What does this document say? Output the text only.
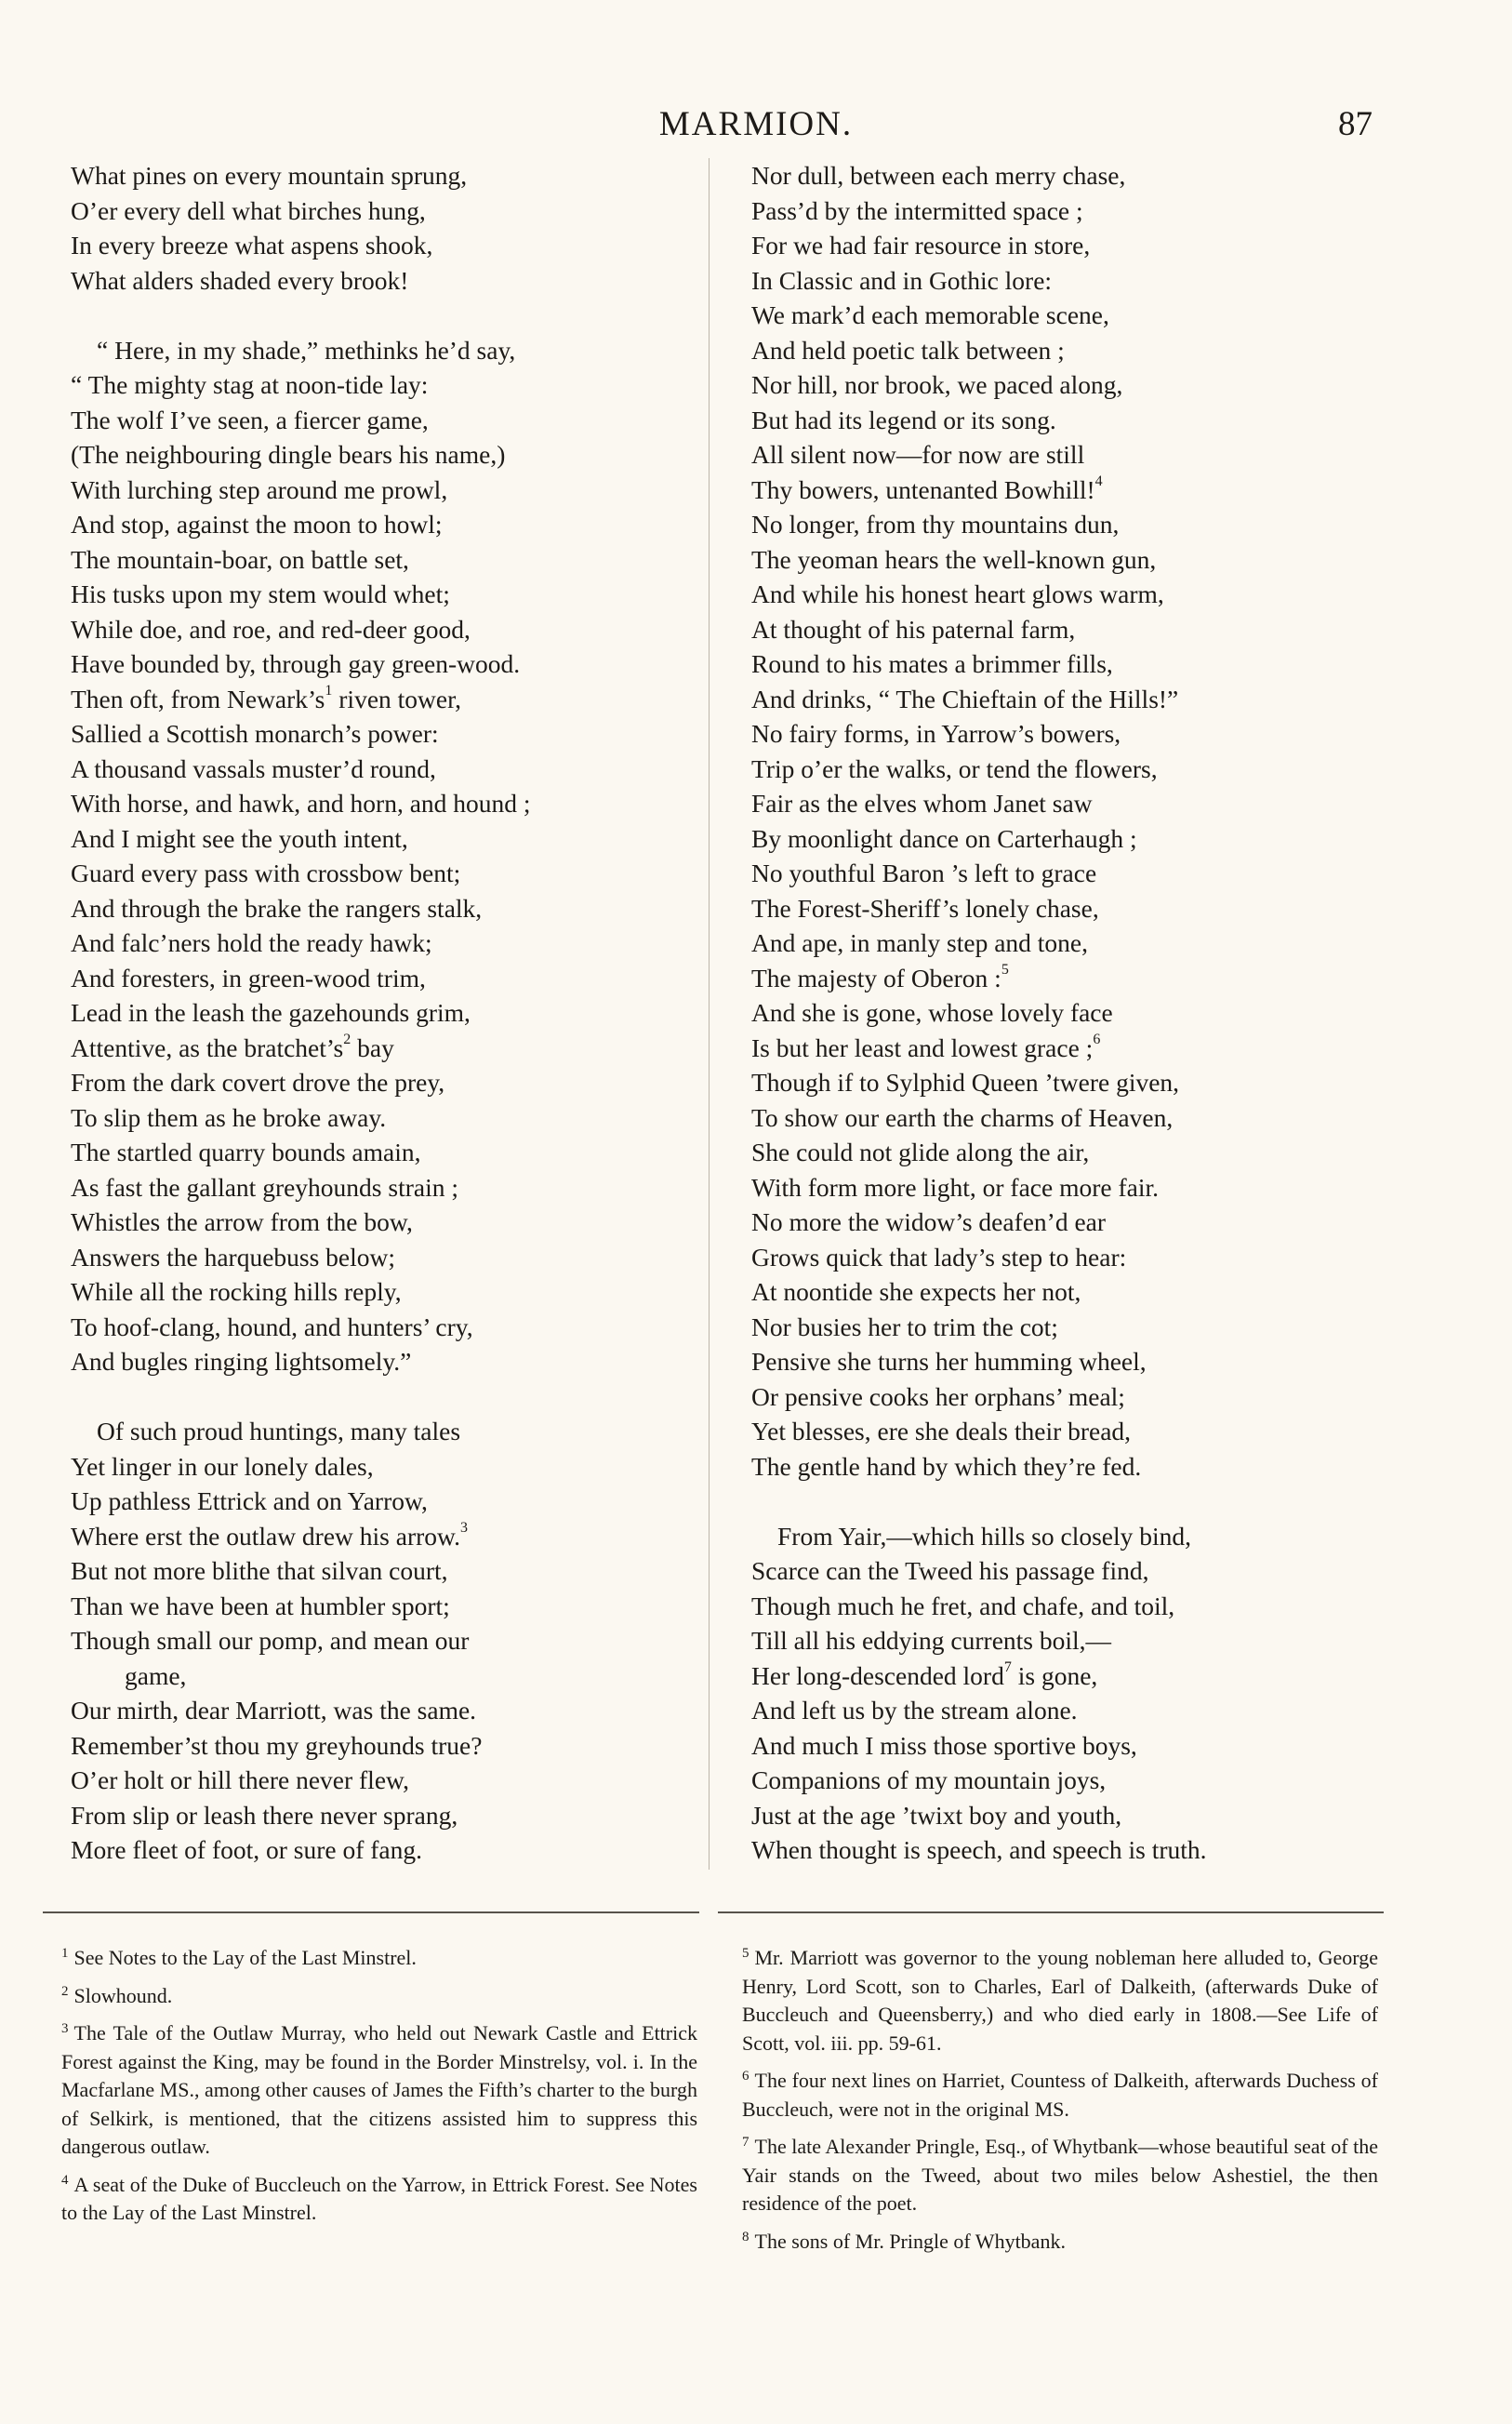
MARMION.	87
What pines on every mountain sprung,
O’er every dell what birches hung,
In every breeze what aspens shook,
What alders shaded every brook!
“ Here, in my shade,” methinks he’d say,
“ The mighty stag at noon-tide lay:
The wolf I’ve seen, a fiercer game,
(The neighbouring dingle bears his name,)
With lurching step around me prowl,
And stop, against the moon to howl;
The mountain-boar, on battle set,
His tusks upon my stem would whet;
While doe, and roe, and red-deer good,
Have bounded by, through gay green-wood.
Then oft, from $Newark’s^1$ riven tower,
Sallied a Scottish monarch’s power:
A thousand vassals muster’d round,
With horse, and hawk, and horn, and hound ;
And I might see the youth intent,
Guard every pass with crossbow bent;
And through the brake the rangers stalk,
And falc’ners hold the ready hawk;
And foresters, in green-wood trim,
Lead in the leash the gazehounds grim,
Attentive, as the $bratchet’s^2$ bay
From the dark covert drove the prey,
To slip them as he broke away.
The startled quarry bounds amain,
As fast the gallant greyhounds strain ;
Whistles the arrow from the bow,
Answers the harquebuss below;
While all the rocking hills reply,
To hoof-clang, hound, and hunters’ cry,
And bugles ringing lightsomely.”
Of such proud huntings, many tales
Yet linger in our lonely dales,
Up pathless Ettrick and on Yarrow,
Where erst the outlaw drew his arrow.$^3$
But not more blithe that silvan court,
Than we have been at humbler sport;
Though small our pomp, and mean our
game,
Our mirth, dear Marriott, was the same.
Remember’st thou my greyhounds true?
O’er holt or hill there never flew,
From slip or leash there never sprang,
More fleet of foot, or sure of fang.
Nor dull, between each merry chase,
Pass’d by the intermitted space ;
For we had fair resource in store,
In Classic and in Gothic lore:
We mark’d each memorable scene,
And held poetic talk between ;
Nor hill, nor brook, we paced along,
But had its legend or its song.
All silent now—for now are still
Thy bowers, untenanted Bowhill!$^4$
No longer, from thy mountains dun,
The yeoman hears the well-known gun,
And while his honest heart glows warm,
At thought of his paternal farm,
Round to his mates a brimmer fills,
And drinks, “ The Chieftain of the Hills!”
No fairy forms, in Yarrow’s bowers,
Trip o’er the walks, or tend the flowers,
Fair as the elves whom Janet saw
By moonlight dance on Carterhaugh ;
No youthful Baron ’s left to grace
The Forest-Sheriff’s lonely chase,
And ape, in manly step and tone,
The majesty of Oberon :$^5$
And she is gone, whose lovely face
Is but her least and lowest grace ;$^6$
Though if to Sylphid Queen ’twere given,
To show our earth the charms of Heaven,
She could not glide along the air,
With form more light, or face more fair.
No more the widow’s deafen’d ear
Grows quick that lady’s step to hear:
At noontide she expects her not,
Nor busies her to trim the cot;
Pensive she turns her humming wheel,
Or pensive cooks her orphans’ meal;
Yet blesses, ere she deals their bread,
The gentle hand by which they’re fed.
From Yair,—which hills so closely bind,
Scarce can the Tweed his passage find,
Though much he fret, and chafe, and toil,
Till all his eddying currents boil,—
Her long-descended lord$^7$ is gone,
And left us by the stream alone.
And much I miss those sportive boys,
Companions of my mountain joys,
Just at the age ’twixt boy and youth,
When thought is speech, and speech is truth.
$^1$ See Notes to the Lay of the Last Minstrel.
$^2$ Slowhound.
$^3$ The Tale of the Outlaw Murray, who held out Newark Castle and Ettrick Forest against the King, may be found in the Border Minstrelsy, vol. i. In the Macfarlane MS., among other causes of James the Fifth’s charter to the burgh of Selkirk, is mentioned, that the citizens assisted him to suppress this dangerous outlaw.
$^4$ A seat of the Duke of Buccleuch on the Yarrow, in Ettrick Forest. See Notes to the Lay of the Last Minstrel.
$^5$ Mr. Marriott was governor to the young nobleman here alluded to, George Henry, Lord Scott, son to Charles, Earl of Dalkeith, (afterwards Duke of Buccleuch and Queensberry,) and who died early in 1808.—See Life of Scott, vol. iii. pp. 59-61.
$^6$ The four next lines on Harriet, Countess of Dalkeith, afterwards Duchess of Buccleuch, were not in the original MS.
$^7$ The late Alexander Pringle, Esq., of Whytbank—whose beautiful seat of the Yair stands on the Tweed, about two miles below Ashestiel, the then residence of the poet.
$^8$ The sons of Mr. Pringle of Whytbank.
